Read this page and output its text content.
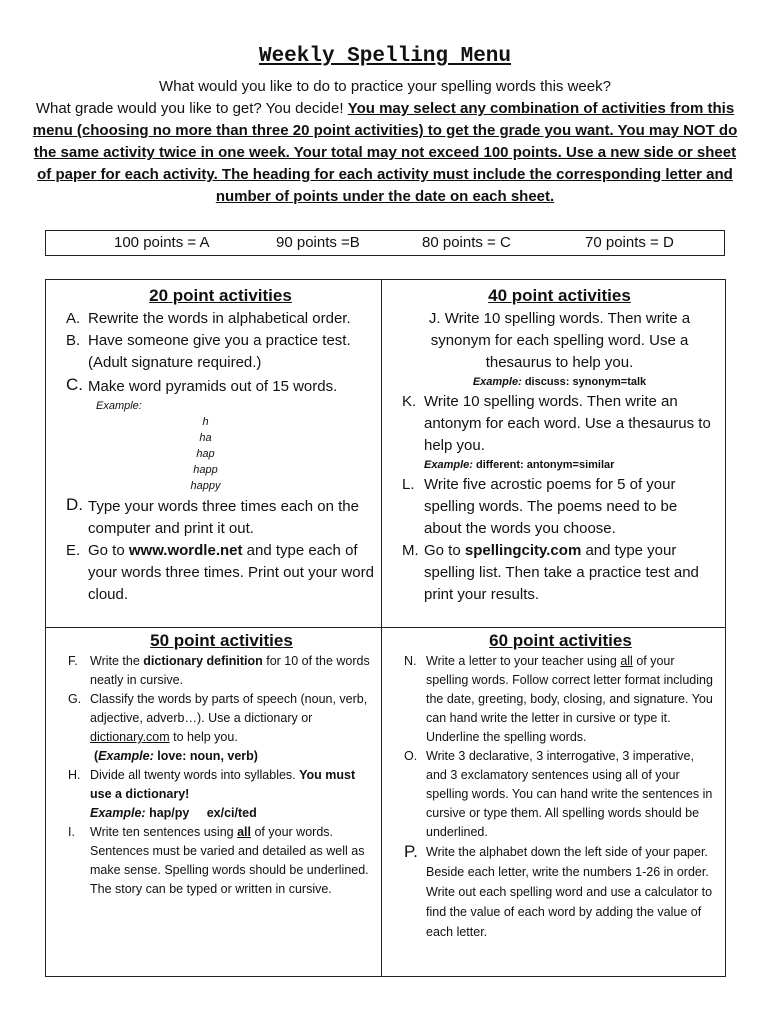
Weekly Spelling Menu
What would you like to do to practice your spelling words this week?
What grade would you like to get? You decide! You may select any combination of activities from this menu (choosing no more than three 20 point activities) to get the grade you want. You may NOT do the same activity twice in one week. Your total may not exceed 100 points. Use a new side or sheet of paper for each activity. The heading for each activity must include the corresponding letter and number of points under the date on each sheet.
100 points = A	90 points =B	80 points = C	70 points = D
20 point activities
A. Rewrite the words in alphabetical order.
B. Have someone give you a practice test. (Adult signature required.)
C. Make word pyramids out of 15 words.
Example:
h
ha
hap
happ
happy
D. Type your words three times each on the computer and print it out.
E. Go to www.wordle.net and type each of your words three times. Print out your word cloud.
40 point activities
J. Write 10 spelling words. Then write a synonym for each spelling word. Use a thesaurus to help you.
Example: discuss: synonym=talk
K. Write 10 spelling words. Then write an antonym for each word. Use a thesaurus to help you.
Example: different: antonym=similar
L. Write five acrostic poems for 5 of your spelling words. The poems need to be about the words you choose.
M. Go to spellingcity.com and type your spelling list. Then take a practice test and print your results.
50 point activities
F. Write the dictionary definition for 10 of the words neatly in cursive.
G. Classify the words by parts of speech (noun, verb, adjective, adverb…). Use a dictionary or dictionary.com to help you.
(Example: love: noun, verb)
H. Divide all twenty words into syllables. You must use a dictionary!
Example: hap/py     ex/ci/ted
I. Write ten sentences using all of your words. Sentences must be varied and detailed as well as make sense. Spelling words should be underlined. The story can be typed or written in cursive.
60 point activities
N. Write a letter to your teacher using all of your spelling words. Follow correct letter format including the date, greeting, body, closing, and signature. You can hand write the letter in cursive or type it. Underline the spelling words.
O. Write 3 declarative, 3 interrogative, 3 imperative, and 3 exclamatory sentences using all of your spelling words. You can hand write the sentences in cursive or type them. All spelling words should be underlined.
P. Write the alphabet down the left side of your paper. Beside each letter, write the numbers 1-26 in order. Write out each spelling word and use a calculator to find the value of each word by adding the value of each letter.
